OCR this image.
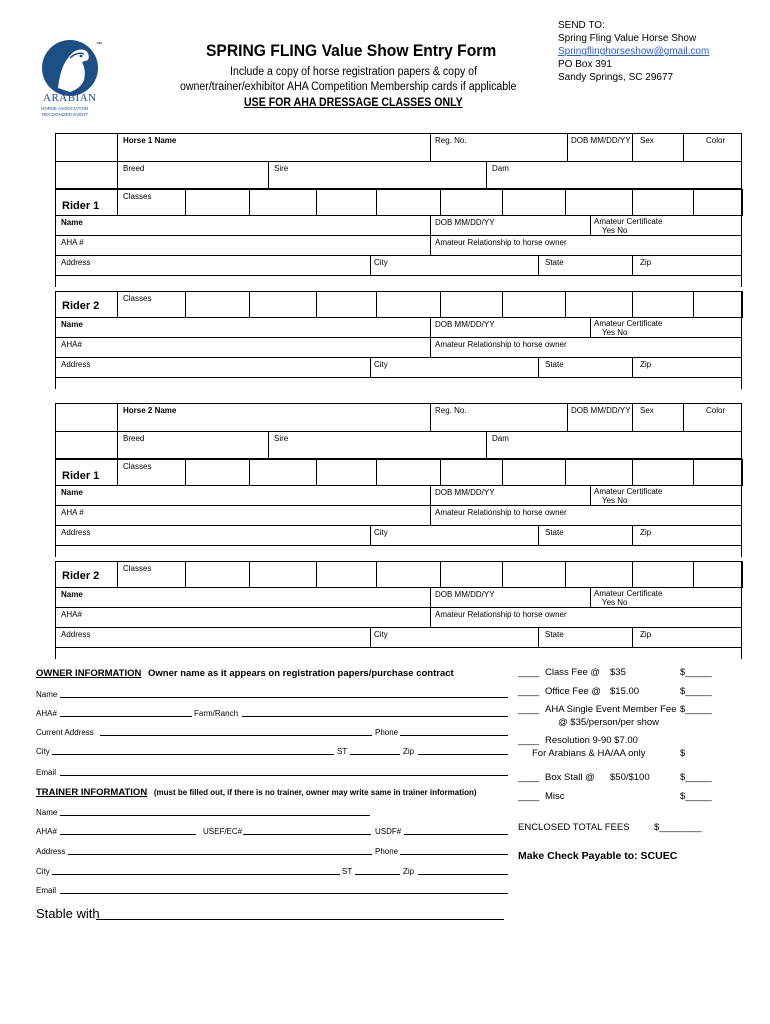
™
ARABIAN
HORSE ASSOCIATION
RECOGNIZED EVENT
SPRING FLING Value Show Entry Form
Include a copy of horse registration papers & copy of
owner/trainer/exhibitor AHA Competition Membership cards if applicable
USE FOR AHA DRESSAGE CLASSES ONLY
SEND TO:
Spring Fling Value Horse Show
Springflinghorseshow@gmail.com
PO Box 391
Sandy Springs, SC 29677
Horse 1 Name	Reg. No.	DOB MM/DD/YY Sex	Color
Breed	Sire	Dam
Classes
Name	DOB MM/DD/YY	Amateur Certificate
Yes No
AHA #	Amateur Relationship to horse owner
Address	City	State	Zip
Rider 1
Classes
Name	DOB MM/DD/YY	Amateur Certificate
Yes No
AHA#	Amateur Relationship to horse owner
Address	City	State	Zip
Rider 2
Horse 2 Name	Reg. No.	DOB MM/DD/YY Sex	Color
Breed	Sire	Dam
Classes
Name	DOB MM/DD/YY	Amateur Certificate
Yes No
AHA #	Amateur Relationship to horse owner
Address	City	State	Zip
Rider 1
Classes
Name	DOB MM/DD/YY	Amateur Certificate
Yes No
AHA#	Amateur Relationship to horse owner
Address	City	State	Zip
Rider 2
OWNER INFORMATION Owner name as it appears on registration papers/purchase contract
Name
AHA#	Farm/Ranch
Current Address	Phone
City	ST	Zip
Email
TRAINER INFORMATION (must be filled out, if there is no trainer, owner may write same in trainer information)
Name
AHA#	USEF/EC#	USDF#
Address	Phone
City	ST	Zip
Email
Stable with
____ Class Fee @ $35	$_____
____ Office Fee @ $15.00	$_____
____ AHA Single Event Member Fee $_____
@ $35/person/per show
____ Resolution 9-90 $7.00
For Arabians & HA/AA only	$
____ Box Stall @ $50/$100	$_____
____ Misc	$_____
ENCLOSED TOTAL FEES	$________
Make Check Payable to: SCUEC
